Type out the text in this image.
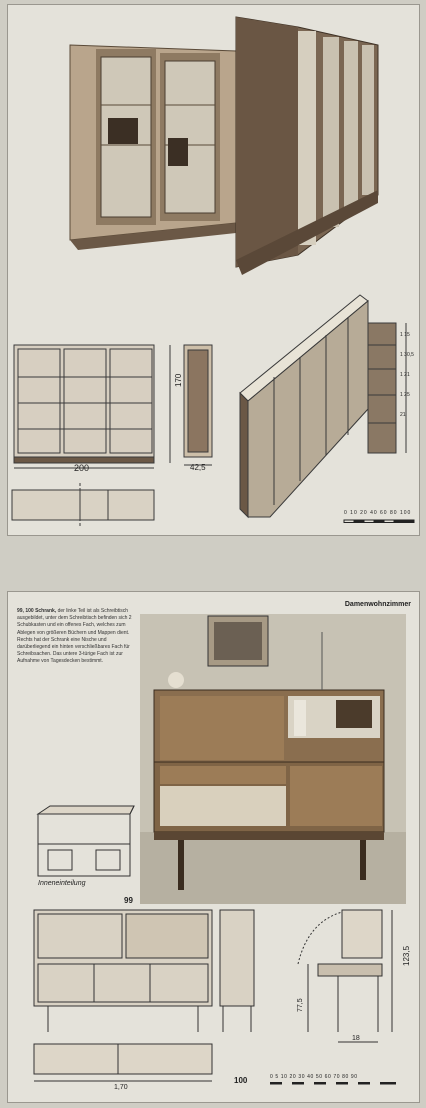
200
170
42,5
0 10 20 40 60 80 100
1 15
1 30,5
1 21
1 25
21
Damenwohnzimmer
99, 100 Schrank, der linke Teil ist als Schreibtisch ausgebildet, unter dem Schreibtisch befinden sich 2 Schubkasten und ein offenes Fach, welches zum Ablegen von größeren Büchern und Mappen dient. Rechts hat der Schrank eine Nische und darüberliegend ein hinten verschließbares Fach für Schreibsachen. Das untere 3-türige Fach ist zur Aufnahme von Tagesdecken bestimmt.
Inneneinteilung
99
100
123,5
77,5
18
1,70
0 5 10 20 30 40 50 60 70 80 90
